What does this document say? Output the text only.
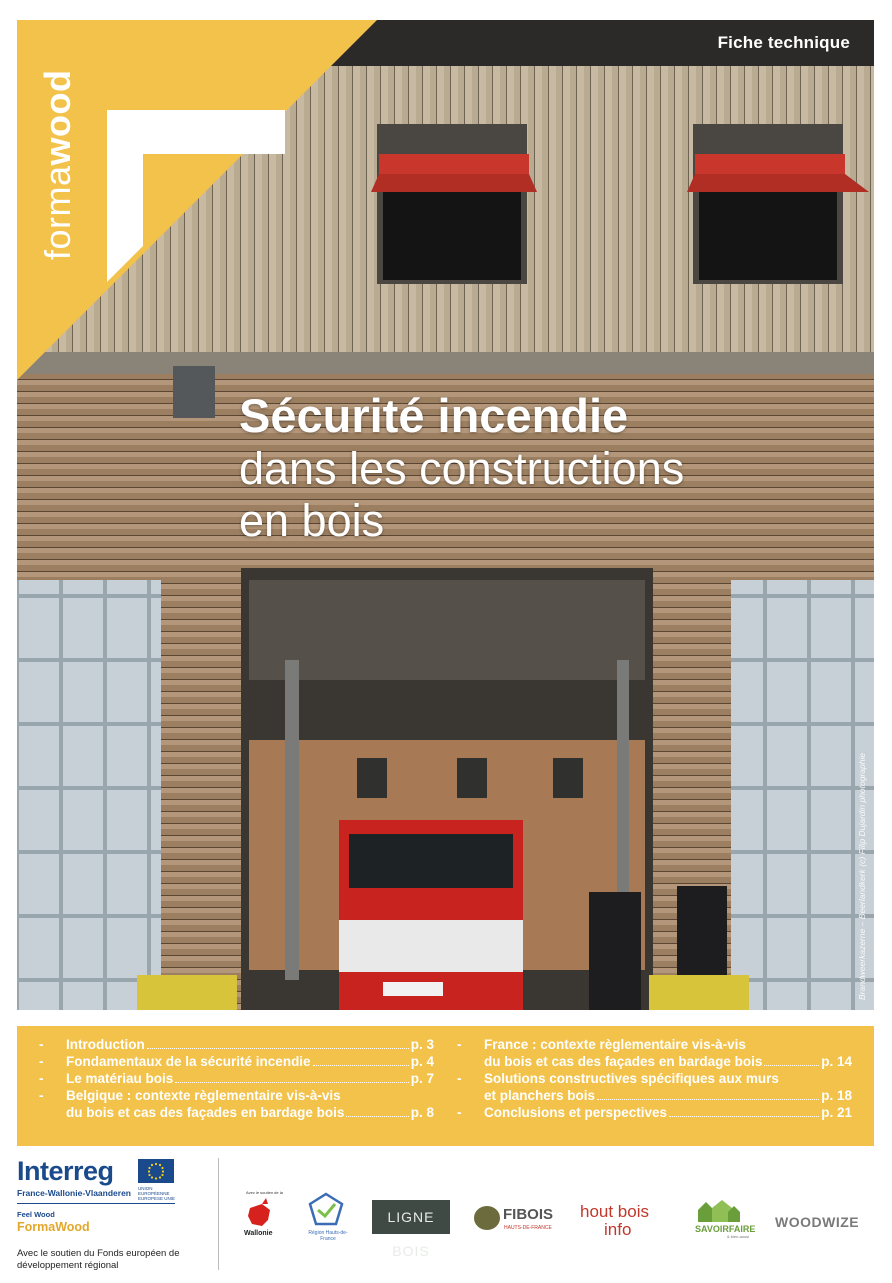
Fiche technique
formawood
Sécurité incendie
dans les constructions
en bois
Brandweerkazerne – Beerlandkerk (c) Filip Dujardin photographie
-	Introduction	p. 3
-	Fondamentaux de la sécurité incendie	p. 4
-	Le matériau bois	p. 7
-	Belgique : contexte règlementaire vis-à-vis
du bois et cas des façades en bardage bois	p. 8
-	France : contexte règlementaire vis-à-vis
du bois et cas des façades en bardage bois	p. 14
-	Solutions constructives spécifiques aux murs
et planchers bois	p. 18
-	Conclusions et perspectives	p. 21
Interreg
UNION EUROPÉENNE EUROPESE UNIE
France-Wallonie-Vlaanderen
Feel Wood
FormaWood
Avec le soutien du Fonds européen de développement régional
Avec le soutien de la
Wallonie	Région Hauts-de-France
LIGNE BOIS
FIBOIS
HAUTS-DE-FRANCE
hout bois
info	SAVOIRFAIRE
& bien-aussi
WOODWIZE
